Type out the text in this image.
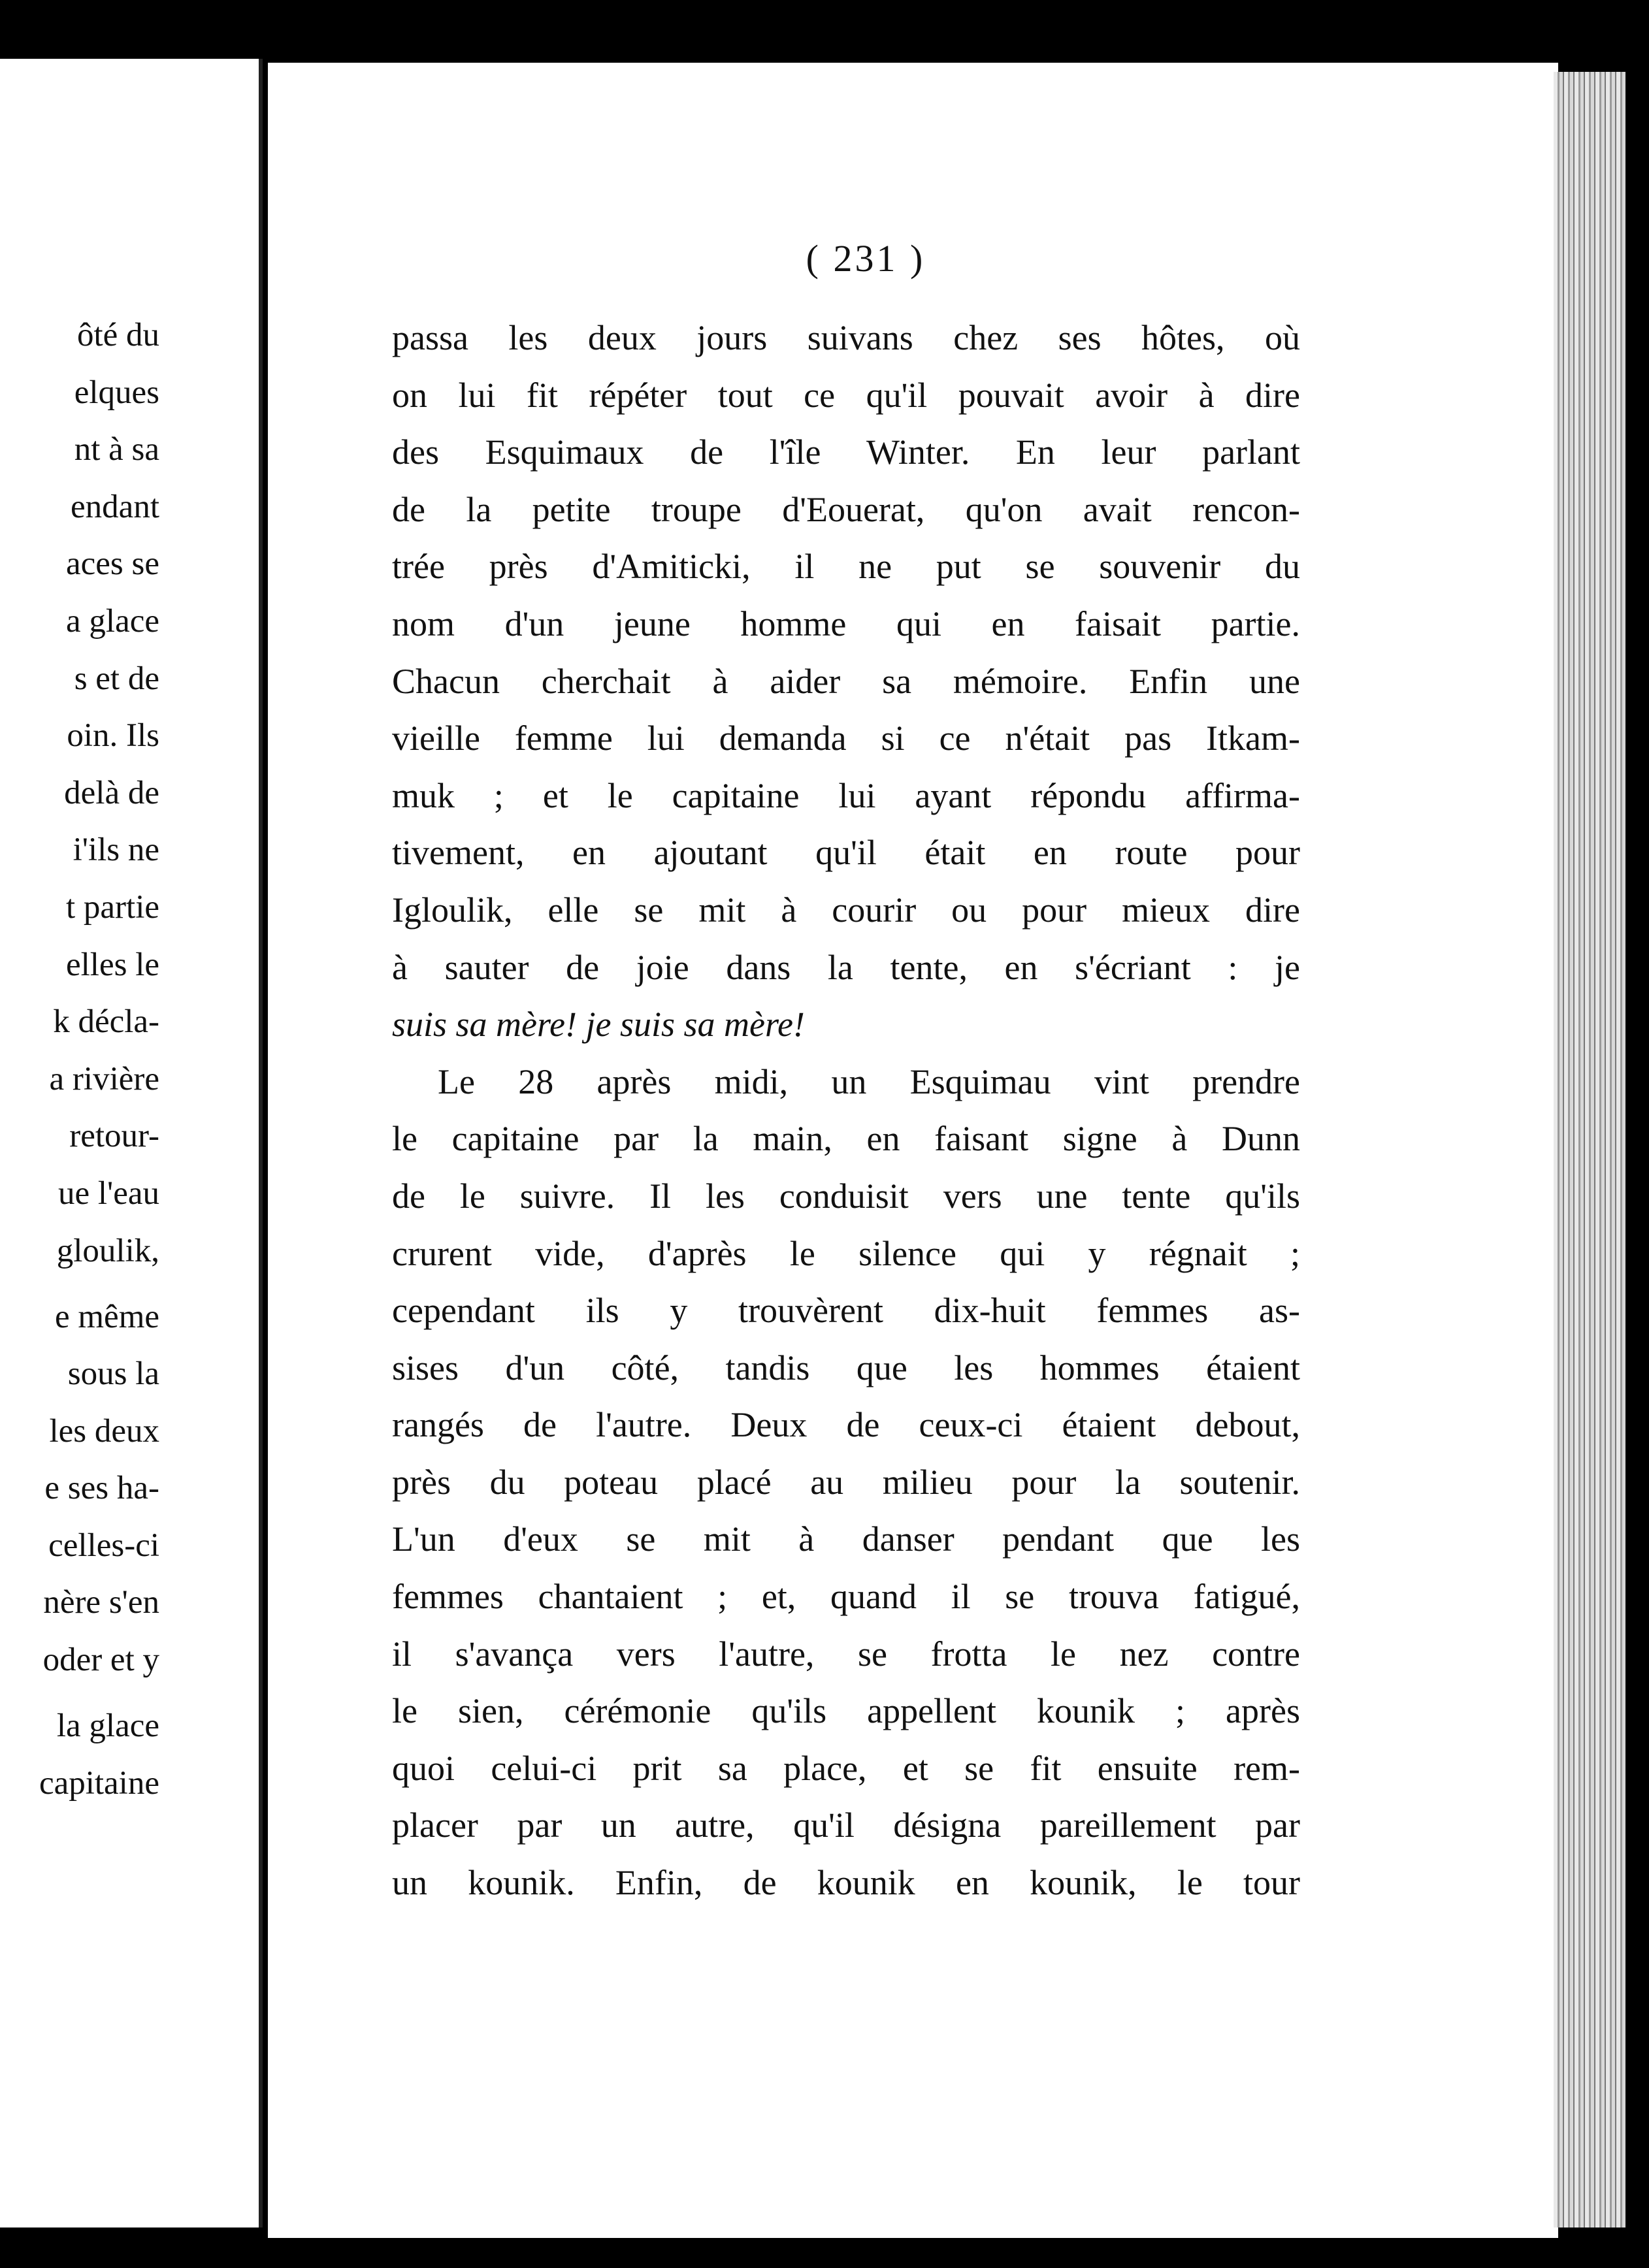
ôté du
elques
nt à sa
endant
aces se
a glace
s et de
oin. Ils
delà de
i'ils ne
t partie
elles le
k décla-
a rivière
retour-
ue l'eau
gloulik,
e même
sous la
les deux
e ses ha-
celles-ci
nère s'en
oder et y
la glace
capitaine
( 231 )
passa les deux jours suivans chez ses hôtes, où
on lui fit répéter tout ce qu'il pouvait avoir à dire
des Esquimaux de l'île Winter. En leur parlant
de la petite troupe d'Eouerat, qu'on avait rencon-
trée près d'Amiticki, il ne put se souvenir du
nom d'un jeune homme qui en faisait partie.
Chacun cherchait à aider sa mémoire. Enfin une
vieille femme lui demanda si ce n'était pas Itkam-
muk ; et le capitaine lui ayant répondu affirma-
tivement, en ajoutant qu'il était en route pour
Igloulik, elle se mit à courir ou pour mieux dire
à sauter de joie dans la tente, en s'écriant : je
suis sa mère! je suis sa mère!
Le 28 après midi, un Esquimau vint prendre
le capitaine par la main, en faisant signe à Dunn
de le suivre. Il les conduisit vers une tente qu'ils
crurent vide, d'après le silence qui y régnait ;
cependant ils y trouvèrent dix-huit femmes as-
sises d'un côté, tandis que les hommes étaient
rangés de l'autre. Deux de ceux-ci étaient debout,
près du poteau placé au milieu pour la soutenir.
L'un d'eux se mit à danser pendant que les
femmes chantaient ; et, quand il se trouva fatigué,
il s'avança vers l'autre, se frotta le nez contre
le sien, cérémonie qu'ils appellent kounik ; après
quoi celui-ci prit sa place, et se fit ensuite rem-
placer par un autre, qu'il désigna pareillement par
un kounik. Enfin, de kounik en kounik, le tour
